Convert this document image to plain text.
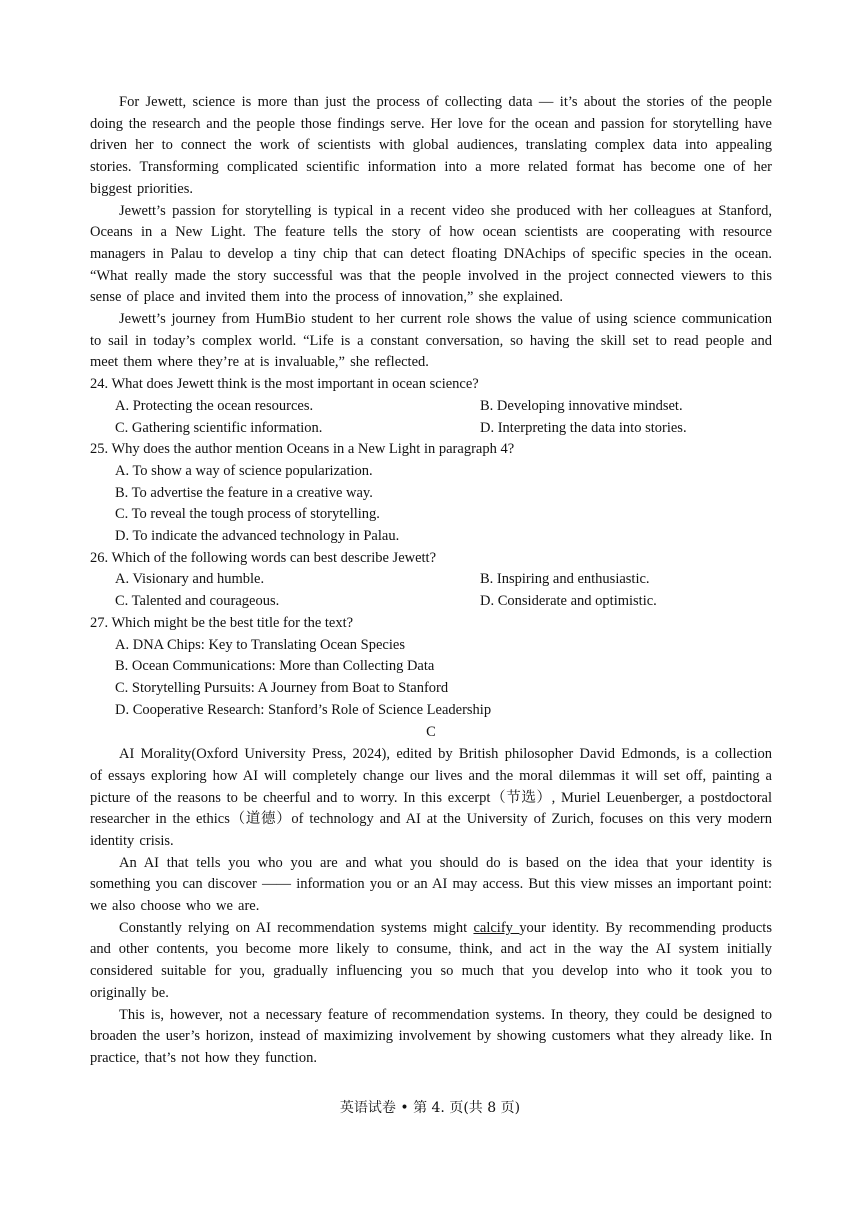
For Jewett, science is more than just the process of collecting data — it’s about the stories of the people doing the research and the people those findings serve. Her love for the ocean and passion for storytelling have driven her to connect the work of scientists with global audiences, translating complex data into appealing stories. Transforming complicated scientific information into a more related format has become one of her biggest priorities.

Jewett’s passion for storytelling is typical in a recent video she produced with her colleagues at Stanford, Oceans in a New Light. The feature tells the story of how ocean scientists are cooperating with resource managers in Palau to develop a tiny chip that can detect floating DNAchips of specific species in the ocean. “What really made the story successful was that the people involved in the project connected viewers to this sense of place and invited them into the process of innovation,” she explained.

Jewett’s journey from HumBio student to her current role shows the value of using science communication to sail in today’s complex world. “Life is a constant conversation, so having the skill set to read people and meet them where they’re at is invaluable,” she reflected.

24. What does Jewett think is the most important in ocean science?
A. Protecting the ocean resources.	B. Developing innovative mindset.
C. Gathering scientific information.	D. Interpreting the data into stories.
25. Why does the author mention Oceans in a New Light in paragraph 4?
A. To show a way of science popularization.
B. To advertise the feature in a creative way.
C. To reveal the tough process of storytelling.
D. To indicate the advanced technology in Palau.
26. Which of the following words can best describe Jewett?
A. Visionary and humble.	B. Inspiring and enthusiastic.
C. Talented and courageous.	D. Considerate and optimistic.
27. Which might be the best title for the text?
A. DNA Chips: Key to Translating Ocean Species
B. Ocean Communications: More than Collecting Data
C. Storytelling Pursuits: A Journey from Boat to Stanford
D. Cooperative Research: Stanford’s Role of Science Leadership
C

AI Morality(Oxford University Press, 2024), edited by British philosopher David Edmonds, is a collection of essays exploring how AI will completely change our lives and the moral dilemmas it will set off, painting a picture of the reasons to be cheerful and to worry. In this excerpt（节选）, Muriel Leuenberger, a postdoctoral researcher in the ethics（道德）of technology and AI at the University of Zurich, focuses on this very modern identity crisis.

An AI that tells you who you are and what you should do is based on the idea that your identity is something you can discover —— information you or an AI may access. But this view misses an important point: we also choose who we are.

Constantly relying on AI recommendation systems might calcify your identity. By recommending products and other contents, you become more likely to consume, think, and act in the way the AI system initially considered suitable for you, gradually influencing you so much that you develop into who it took you to originally be.

This is, however, not a necessary feature of recommendation systems. In theory, they could be designed to broaden the user’s horizon, instead of maximizing involvement by showing customers what they already like. In practice, that’s not how they function.

英语试卷 • 第 4. 页(共 8 页)
